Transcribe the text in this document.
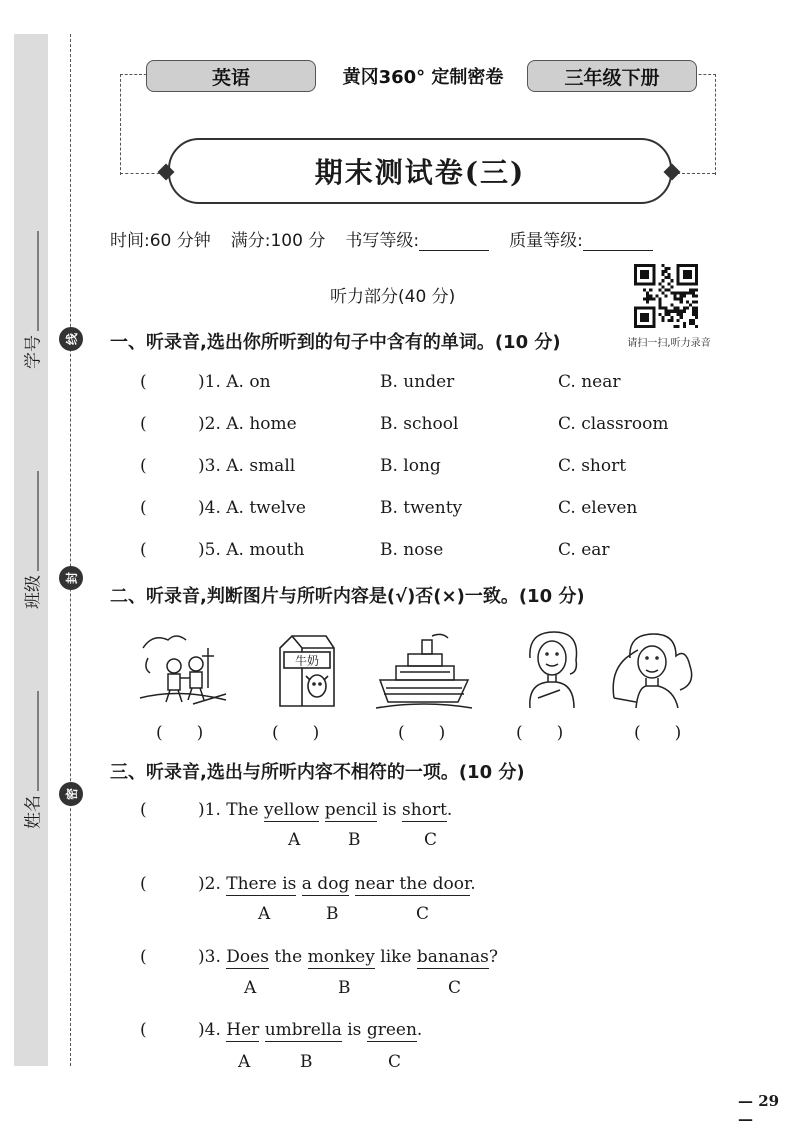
线
封
密
学号
班级
姓名
英语	黄冈360° 定制密卷	三年级下册
期末测试卷(三)
时间:60 分钟 满分:100 分 书写等级:	质量等级:
听力部分(40 分)
请扫一扫,听力录音
一、听录音,选出你所听到的句子中含有的单词。(10 分)
(	)1. A. on	B. under	C. near
(	)2. A. home	B. school	C. classroom
(	)3. A. small	B. long	C. short
(	)4. A. twelve	B. twenty	C. eleven
(	)5. A. mouth	B. nose	C. ear
二、听录音,判断图片与所听内容是(√)否(×)一致。(10 分)
牛奶
(　　)	(　　)	(　　)	(　　)	(　　)
三、听录音,选出与所听内容不相符的一项。(10 分)
(	)1. The yellow pencil is short.
A	B	C
(	)2. There is a dog near the door.
A	B	C
(	)3. Does the monkey like bananas?
A	B	C
(	)4. Her umbrella is green.
A	B	C
— 29 —
